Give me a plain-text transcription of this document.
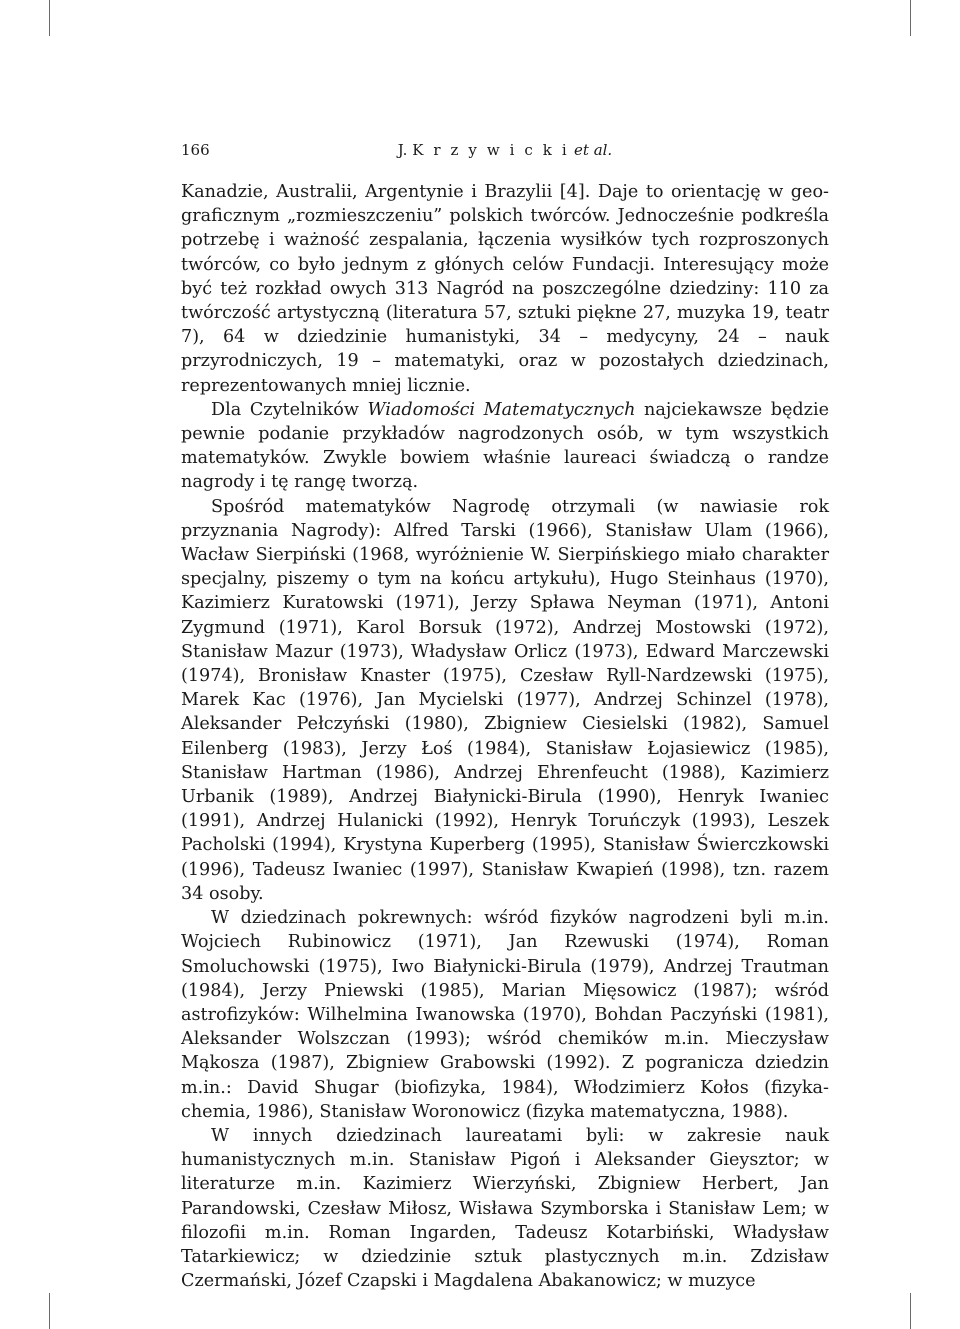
166	J. K r z y w i c k i et al.

Kanadzie, Australii, Argentynie i Brazylii [4]. Daje to orientację w geograficznym „rozmieszczeniu” polskich twórców. Jednocześnie podkreśla potrzebę i ważność zespalania, łączenia wysiłków tych rozproszonych twórców, co było jednym z głónych celów Fundacji. Interesujący może być też rozkład owych 313 Nagród na poszczególne dziedziny: 110 za twórczość artystyczną (literatura 57, sztuki piękne 27, muzyka 19, teatr 7), 64 w dziedzinie humanistyki, 34 – medycyny, 24 – nauk przyrodniczych, 19 – matematyki, oraz w pozostałych dziedzinach, reprezentowanych mniej licznie.

Dla Czytelników Wiadomości Matematycznych najciekawsze będzie pewnie podanie przykładów nagrodzonych osób, w tym wszystkich matematyków. Zwykle bowiem właśnie laureaci świadczą o randze nagrody i tę rangę tworzą.

Spośród matematyków Nagrodę otrzymali (w nawiasie rok przyznania Nagrody): Alfred Tarski (1966), Stanisław Ulam (1966), Wacław Sierpiński (1968, wyróżnienie W. Sierpińskiego miało charakter specjalny, piszemy o tym na końcu artykułu), Hugo Steinhaus (1970), Kazimierz Kuratowski (1971), Jerzy Spława Neyman (1971), Antoni Zygmund (1971), Karol Borsuk (1972), Andrzej Mostowski (1972), Stanisław Mazur (1973), Władysław Orlicz (1973), Edward Marczewski (1974), Bronisław Knaster (1975), Czesław Ryll-Nardzewski (1975), Marek Kac (1976), Jan Mycielski (1977), Andrzej Schinzel (1978), Aleksander Pełczyński (1980), Zbigniew Ciesielski (1982), Samuel Eilenberg (1983), Jerzy Łoś (1984), Stanisław Łojasiewicz (1985), Stanisław Hartman (1986), Andrzej Ehrenfeucht (1988), Kazimierz Urbanik (1989), Andrzej Białynicki-Birula (1990), Henryk Iwaniec (1991), Andrzej Hulanicki (1992), Henryk Toruńczyk (1993), Leszek Pacholski (1994), Krystyna Kuperberg (1995), Stanisław Świerczkowski (1996), Tadeusz Iwaniec (1997), Stanisław Kwapień (1998), tzn. razem 34 osoby.

W dziedzinach pokrewnych: wśród fizyków nagrodzeni byli m.in. Wojciech Rubinowicz (1971), Jan Rzewuski (1974), Roman Smoluchowski (1975), Iwo Białynicki-Birula (1979), Andrzej Trautman (1984), Jerzy Pniewski (1985), Marian Mięsowicz (1987); wśród astrofizyków: Wilhelmina Iwanowska (1970), Bohdan Paczyński (1981), Aleksander Wolszczan (1993); wśród chemików m.in. Mieczysław Mąkosza (1987), Zbigniew Grabowski (1992). Z pogranicza dziedzin m.in.: David Shugar (biofizyka, 1984), Włodzimierz Kołos (fizyka-chemia, 1986), Stanisław Woronowicz (fizyka matematyczna, 1988).

W innych dziedzinach laureatami byli: w zakresie nauk humanistycznych m.in. Stanisław Pigoń i Aleksander Gieysztor; w literaturze m.in. Kazimierz Wierzyński, Zbigniew Herbert, Jan Parandowski, Czesław Miłosz, Wisława Szymborska i Stanisław Lem; w filozofii m.in. Roman Ingarden, Tadeusz Kotarbiński, Władysław Tatarkiewicz; w dziedzinie sztuk plastycznych m.in. Zdzisław Czermański, Józef Czapski i Magdalena Abakanowicz; w muzyce
